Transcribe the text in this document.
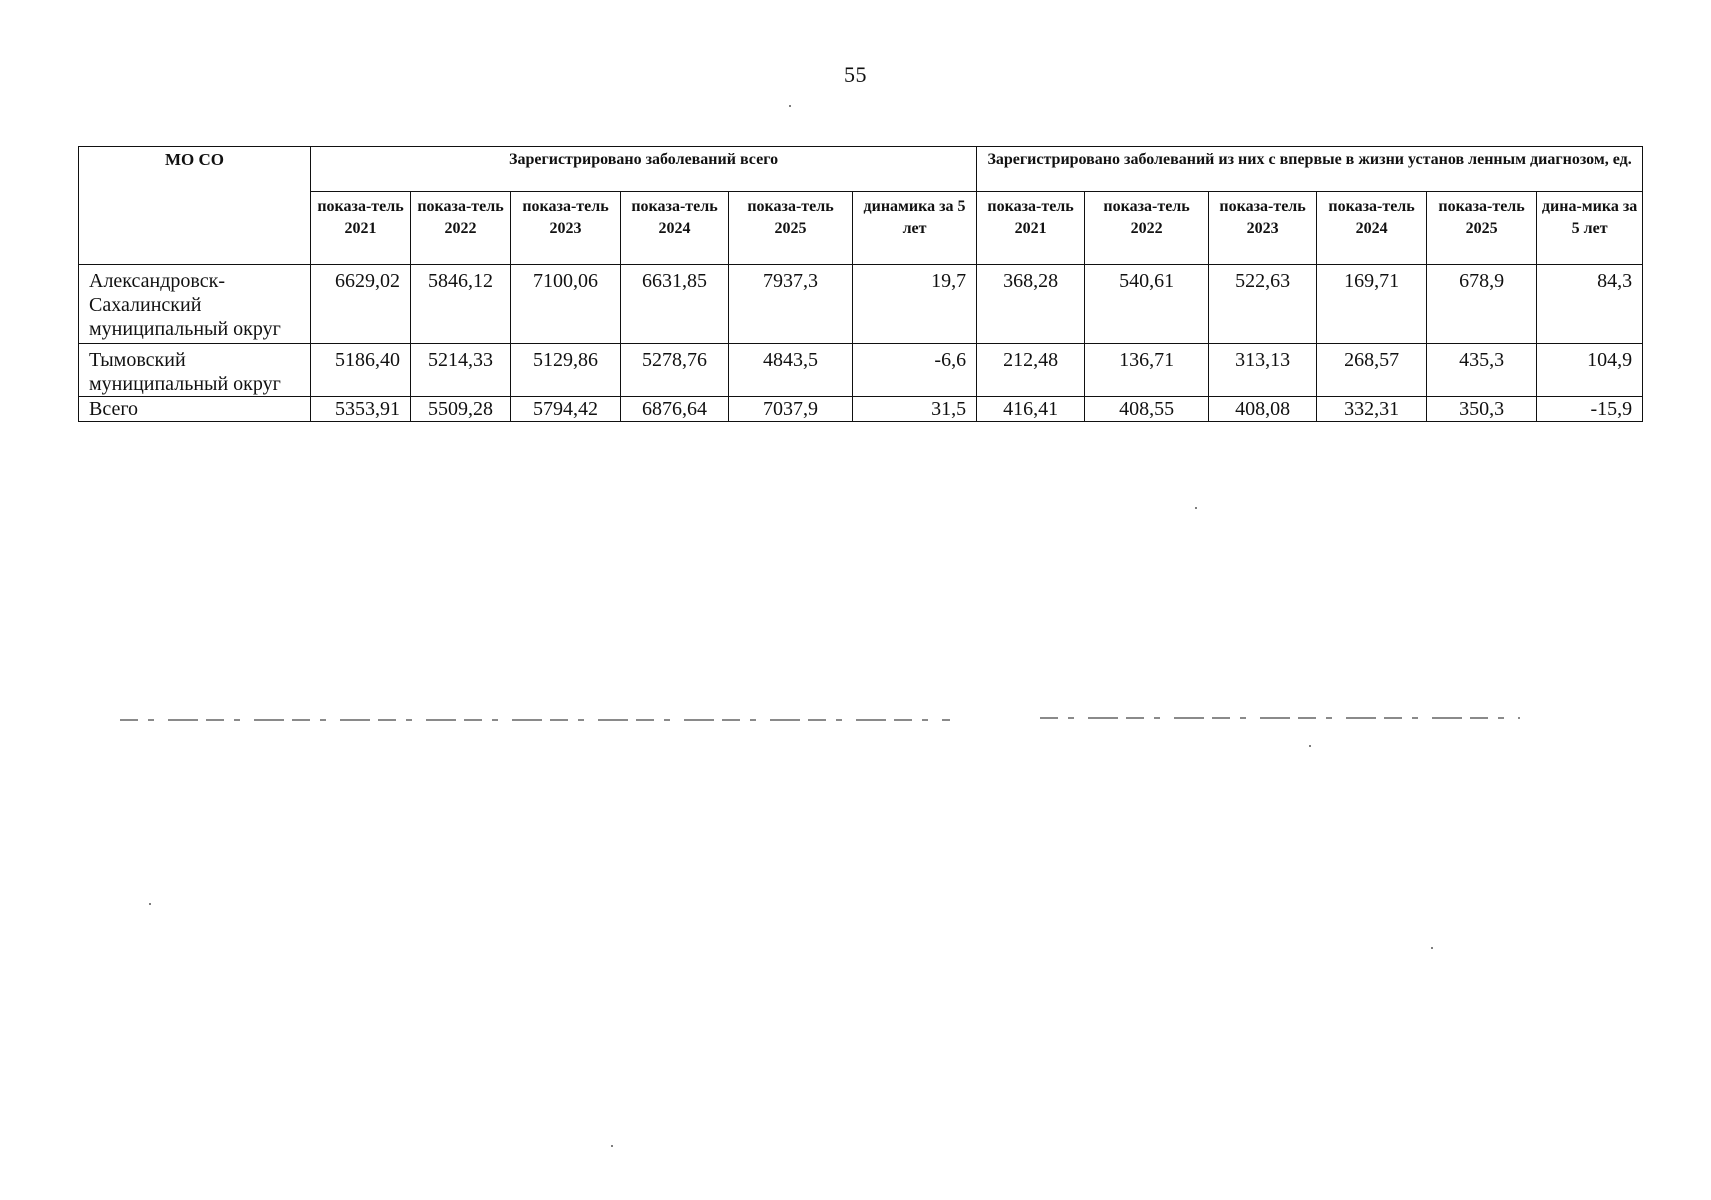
55
МО СО	Зарегистрировано заболеваний всего						Зарегистрировано заболеваний из них с впервые в жизни установ ленным диагнозом, ед.					
	показа-тель 2021	показа-тель 2022	показа-тель 2023	показа-тель 2024	показа-тель 2025	динамика за 5 лет	показа-тель 2021	показа-тель 2022	показа-тель 2023	показа-тель 2024	показа-тель 2025	дина-мика за 5 лет
Александровск-Сахалинский муниципальный округ	6629,02	5846,12	7100,06	6631,85	7937,3	19,7	368,28	540,61	522,63	169,71	678,9	84,3
Тымовский муниципальный округ	5186,40	5214,33	5129,86	5278,76	4843,5	-6,6	212,48	136,71	313,13	268,57	435,3	104,9
Всего	5353,91	5509,28	5794,42	6876,64	7037,9	31,5	416,41	408,55	408,08	332,31	350,3	-15,9
